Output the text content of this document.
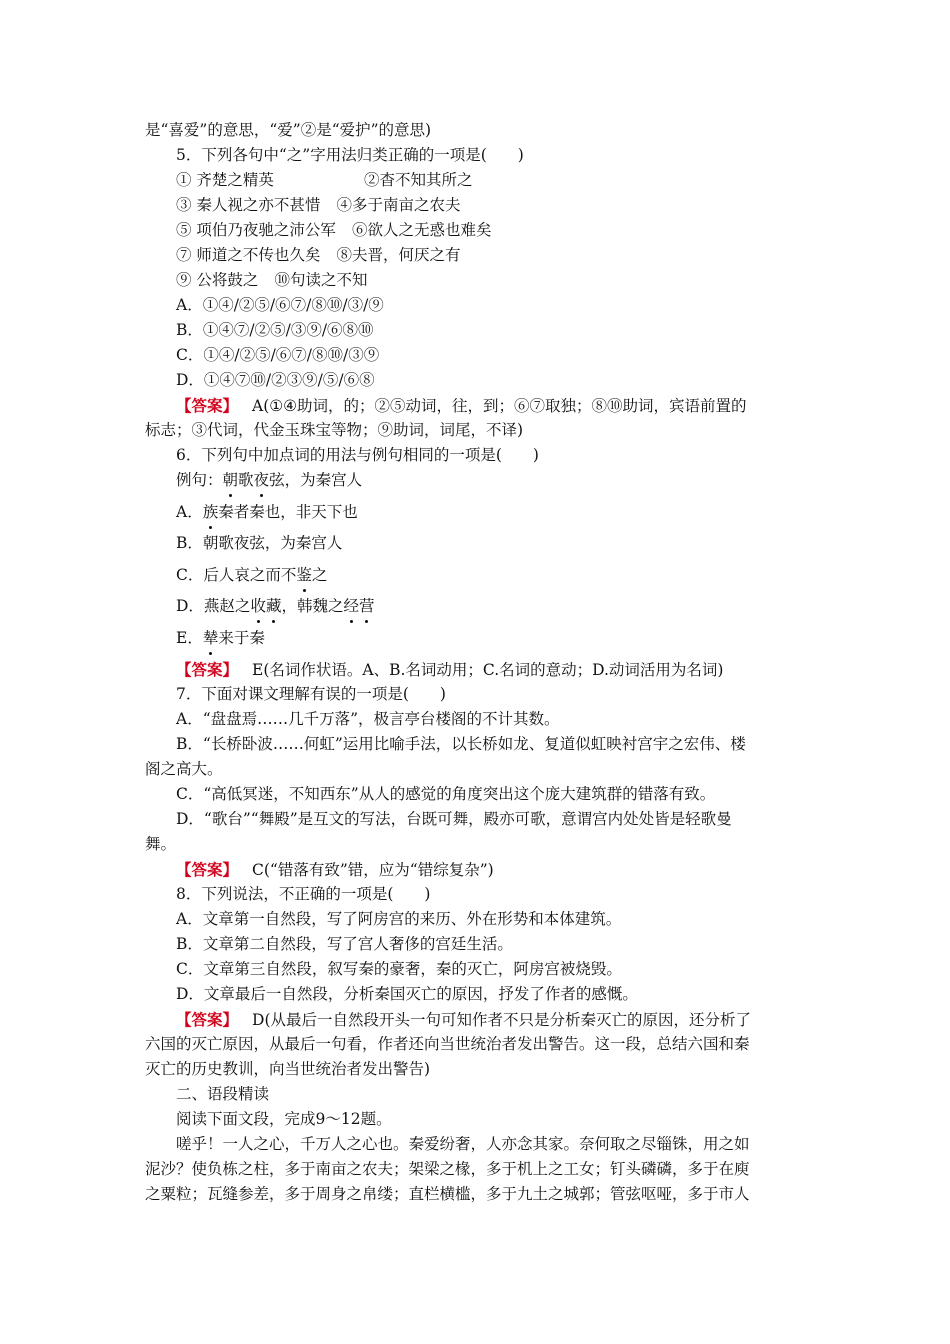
是“喜爱”的意思，“爱”②是“爱护”的意思)
5．下列各句中“之”字用法归类正确的一项是(　　)
① 齐楚之精英	②杳不知其所之
③ 秦人视之亦不甚惜 ④多于南亩之农夫
⑤ 项伯乃夜驰之沛公军 ⑥欲人之无惑也难矣
⑦ 师道之不传也久矣 ⑧夫晋，何厌之有
⑨ 公将鼓之 ⑩句读之不知
A．①④/②⑤/⑥⑦/⑧⑩/③/⑨
B．①④⑦/②⑤/③⑨/⑥⑧⑩
C．①④/②⑤/⑥⑦/⑧⑩/③⑨
D．①④⑦⑩/②③⑨/⑤/⑥⑧
【答案】 A(①④助词，的；②⑤动词，往，到；⑥⑦取独；⑧⑩助词，宾语前置的
标志；③代词，代金玉珠宝等物；⑨助词，词尾，不译)
6．下列句中加点词的用法与例句相同的一项是(　　)
例句：朝歌夜弦，为秦宫人
A．族秦者秦也，非天下也
B．朝歌夜弦，为秦宫人
C．后人哀之而不鉴之
D．燕赵之收藏，韩魏之经营
E．辇来于秦
【答案】 E(名词作状语。A、B.名词动用；C.名词的意动；D.动词活用为名词)
7．下面对课文理解有误的一项是(　　)
A．“盘盘焉……几千万落”，极言亭台楼阁的不计其数。
B．“长桥卧波……何虹”运用比喻手法，以长桥如龙、复道似虹映衬宫宇之宏伟、楼
阁之高大。
C．“高低冥迷，不知西东”从人的感觉的角度突出这个庞大建筑群的错落有致。
D．“歌台”“舞殿”是互文的写法，台既可舞，殿亦可歌，意谓宫内处处皆是轻歌曼
舞。
【答案】 C(“错落有致”错，应为“错综复杂”)
8．下列说法，不正确的一项是(　　)
A．文章第一自然段，写了阿房宫的来历、外在形势和本体建筑。
B．文章第二自然段，写了宫人奢侈的宫廷生活。
C．文章第三自然段，叙写秦的豪奢，秦的灭亡，阿房宫被烧毁。
D．文章最后一自然段，分析秦国灭亡的原因，抒发了作者的感慨。
【答案】 D(从最后一自然段开头一句可知作者不只是分析秦灭亡的原因，还分析了
六国的灭亡原因，从最后一句看，作者还向当世统治者发出警告。这一段，总结六国和秦
灭亡的历史教训，向当世统治者发出警告)
二、语段精读
阅读下面文段，完成9～12题。
嗟乎！一人之心，千万人之心也。秦爱纷奢，人亦念其家。奈何取之尽锱铢，用之如
泥沙？使负栋之柱，多于南亩之农夫；架梁之椽，多于机上之工女；钉头磷磷，多于在庾
之粟粒；瓦缝参差，多于周身之帛缕；直栏横槛，多于九土之城郭；管弦呕哑，多于市人
